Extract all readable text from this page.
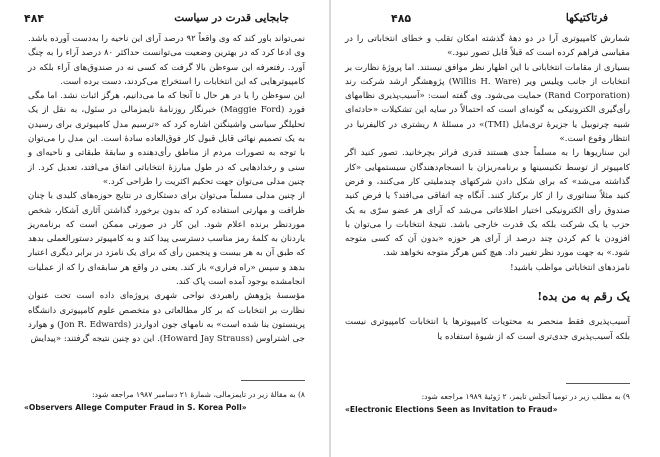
۴۸۴	جابجایی قدرت در سیاست

نمی‌تواند باور کند که وی واقعاً ۹۲ درصد آرای این ناحیه را به‌دست آورده باشد. وی ادعا کرد که در بهترین وضعیت می‌توانست حداکثر ۸۰ درصد آراء را به چنگ آورد. رفتعرفه این سوءظن بالا گرفت که کسی نه در صندوق‌های آراء بلکه در کامپیوترهایی که این انتخابات را استخراج می‌کردند، دست برده است.

این سوءظن را یا در هر حال تا آنجا که ما می‌دانیم، هرگز اثبات نشد. اما مگی فورد (Maggie Ford) خبرنگار روزنامهٔ نایمزمالی در سئول، به نقل از یک تحلیلگر سیاسی واشینگتن اشاره کرد که «ترسیم مدل کامپیوتری برای رسیدن به یک تصمیم نهائی قابل قبول کار فوق‌العاده سادهٔ است. این مدل را می‌توان با توجه به تصورات مردم از مناطق رأی‌دهنده و سابقهٔ طبقاتی و ناحیه‌ای و سنی و رخدادهایی که در طول مبارزهٔ انتخاباتی اتفاق می‌افتد، تعدیل کرد. از چنین مدلی می‌توان جهت تحکیم اکثریت را طراحی کرد.»

از چنین مدلی مسلماً می‌توان برای دستکاری در نتایج حوزه‌های کلیدی با چنان ظرافت و مهارتی استفاده کرد که بدون برخورد گذاشتن آثاری آشکار، شخص موردنظر برنده اعلام شود. این کار در صورتی ممکن است که برنامه‌ریز یاردنان به کلمهٔ رمز مناسب دسترسی پیدا کند و به کامپیوتر دستورالعملی بدهد که طبق آن به هر بیست و پنجمین رأی که برای یک نامزد در برابر دیگری اعتبار بدهد و سپس «راه فراری» باز کند. یعنی در واقع هر سابقه‌ای را که از عملیات انجامشده بوجود آمده است پاک کند.

مؤسسهٔ پژوهش راهبردی نواحی شهری پروژه‌ای داده است تحت عنوان نظارت بر انتخابات که بر کار مطالعاتی دو متخصص علوم کامپیوتری دانشگاه پرینستون بنا شده است» به نامهای جون ادواردز (Jon R. Edwards) و هوارد جی اشتراوس (Howard Jay Strauss). این دو چنین نتیجه گرفتند: «پیدایش

۸) به مقالهٔ زیر در تایمزمالی، شمارهٔ ۲۱ دسامبر ۱۹۸۷ مراجعه شود:
«Observers Allege Computer Fraud in S. Korea Poll»
۴۸۵	فرتاکتیکها

شمارش کامپیوتری آرا در دو دههٔ گذشته امکان تقلب و خطای انتخاباتی را در مقیاسی فراهم کرده است که قبلاً قابل تصور نبود.»

بسیاری از مقامات انتخاباتی با این اظهار نظر موافق نیستند. اما پروژهٔ نظارت بر انتخابات از جانب ویلیس ویر (Willis H. Ware) پژوهشگر ارشد شرکت رند (Rand Corporation) حمایت می‌شود. وی گفته است: «آسیب‌پذیری نظامهای رأی‌گیری الکترونیکی به گونه‌ای است که احتمالاً در سایه این تشکیلات «حادثه‌ای شبیه چرنوبیل یا جزیرهٔ تری‌مایل (TMI)» در مسئلهٔ ۸ ریشتری در کالیفرنیا در انتظار وقوع است.»

این سناریوها را به مسلماً جدی هستند قدری فراتر بچرخانید. تصور کنید اگر کامپیوتر از توسط تکنیسینها و برنامه‌ریزان با انسجام‌دهندگان سیستمهایی «کار گذاشته می‌شد» که برای شکل دادن شرکتهای چندملیتی کار می‌کنند، و فرض کنید مثلاً سناتوری را از کار برکنار کنند. آنگاه چه اتفاقی می‌افتد؟ یا فرض کنید صندوق رأی الکترونیکی اختیار اطلاعاتی می‌شد که آرای هر عضو سرّی به یک حزب یا یک شرکت بلکه یک قدرت خارجی باشد. نتیجهٔ انتخابات را می‌توان با افزودن یا کم کردن چند درصد از آرای هر حوزه «بدون آن که کسی متوجه شود.» به جهت مورد نظر تغییر داد. هیچ کس هرگز متوجه نخواهد شد.

نامزدهای انتخاباتی مواظب باشید!

یک رقم به من بده!

آسیب‌پذیری فقط منحصر به محتویات کامپیوترها یا انتخابات کامپیوتری نیست بلکه آسیب‌پذیری جدی‌تری است که از شیوهٔ استفاده یا

۹) به مطلب زیر در تومیا آنجلس تایمز، ۲ ژوئیهٔ ۱۹۸۹ مراجعه شود:
«Electronic Elections Seen as Invitation to Fraud»
